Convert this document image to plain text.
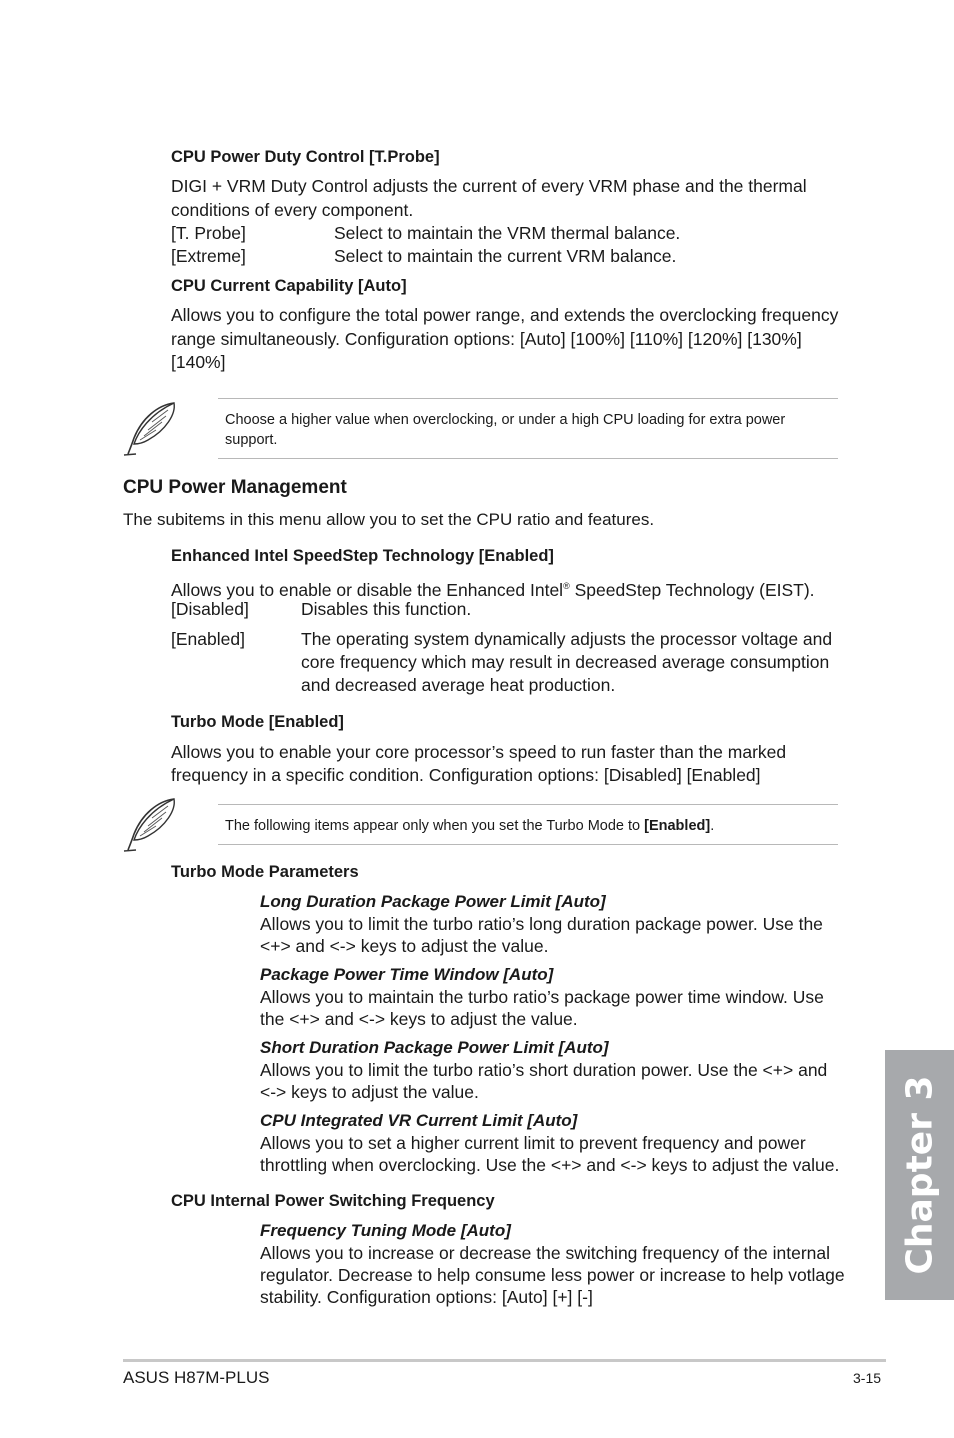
CPU Power Duty Control [T.Probe]
DIGI + VRM Duty Control adjusts the current of every VRM phase and the thermal
conditions of every component.
[T. Probe]	Select to maintain the VRM thermal balance.
[Extreme]	Select to maintain the current VRM balance.
CPU Current Capability [Auto]
Allows you to configure the total power range, and extends the overclocking frequency
range simultaneously. Configuration options: [Auto] [100%] [110%] [120%] [130%]
[140%]
Choose a higher value when overclocking, or under a high CPU loading for extra power
support.
CPU Power Management
The subitems in this menu allow you to set the CPU ratio and features.
Enhanced Intel SpeedStep Technology [Enabled]
Allows you to enable or disable the Enhanced Intel® SpeedStep Technology (EIST).
[Disabled]	Disables this function.
[Enabled]	The operating system dynamically adjusts the processor voltage and
core frequency which may result in decreased average consumption
and decreased average heat production.
Turbo Mode [Enabled]
Allows you to enable your core processor’s speed to run faster than the marked
frequency in a specific condition. Configuration options: [Disabled] [Enabled]
The following items appear only when you set the Turbo Mode to [Enabled].
Turbo Mode Parameters
Long Duration Package Power Limit [Auto]
Allows you to limit the turbo ratio’s long duration package power. Use the
<+> and <-> keys to adjust the value.
Package Power Time Window [Auto]
Allows you to maintain the turbo ratio’s package power time window. Use
the <+> and <-> keys to adjust the value.
Short Duration Package Power Limit [Auto]
Allows you to limit the turbo ratio’s short duration power. Use the <+> and
<-> keys to adjust the value.
CPU Integrated VR Current Limit [Auto]
Allows you to set a higher current limit to prevent frequency and power
throttling when overclocking. Use the <+> and <-> keys to adjust the value.
CPU Internal Power Switching Frequency
Frequency Tuning Mode [Auto]
Allows you to increase or decrease the switching frequency of the internal
regulator. Decrease to help consume less power or increase to help votlage
stability. Configuration options: [Auto] [+] [-]
Chapter 3
ASUS H87M-PLUS	3-15
